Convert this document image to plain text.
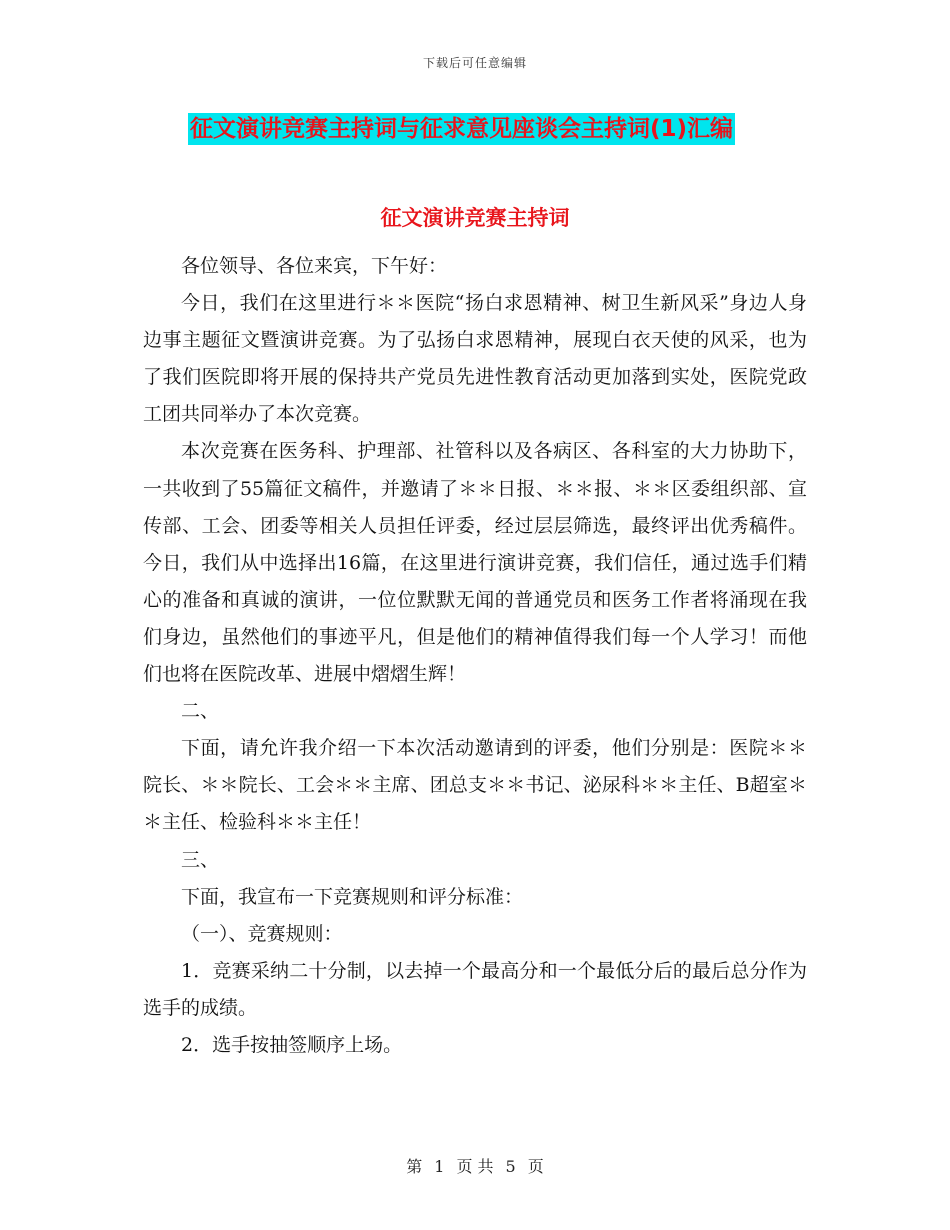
下载后可任意编辑
征文演讲竞赛主持词与征求意见座谈会主持词(1)汇编
征文演讲竞赛主持词

各位领导、各位来宾，下午好：

今日，我们在这里进行＊＊医院“扬白求恩精神、树卫生新风采”身边人身边事主题征文暨演讲竞赛。为了弘扬白求恩精神，展现白衣天使的风采，也为了我们医院即将开展的保持共产党员先进性教育活动更加落到实处，医院党政工团共同举办了本次竞赛。

本次竞赛在医务科、护理部、社管科以及各病区、各科室的大力协助下，一共收到了55篇征文稿件，并邀请了＊＊日报、＊＊报、＊＊区委组织部、宣传部、工会、团委等相关人员担任评委，经过层层筛选，最终评出优秀稿件。今日，我们从中选择出16篇，在这里进行演讲竞赛，我们信任，通过选手们精心的准备和真诚的演讲，一位位默默无闻的普通党员和医务工作者将涌现在我们身边，虽然他们的事迹平凡，但是他们的精神值得我们每一个人学习！而他们也将在医院改革、进展中熠熠生辉！

二、

下面，请允许我介绍一下本次活动邀请到的评委，他们分别是：医院＊＊院长、＊＊院长、工会＊＊主席、团总支＊＊书记、泌尿科＊＊主任、B超室＊＊主任、检验科＊＊主任！

三、

下面，我宣布一下竞赛规则和评分标准：

（一）、竞赛规则：

1．竞赛采纳二十分制，以去掉一个最高分和一个最低分后的最后总分作为选手的成绩。

2．选手按抽签顺序上场。

第 1 页 共 5 页
